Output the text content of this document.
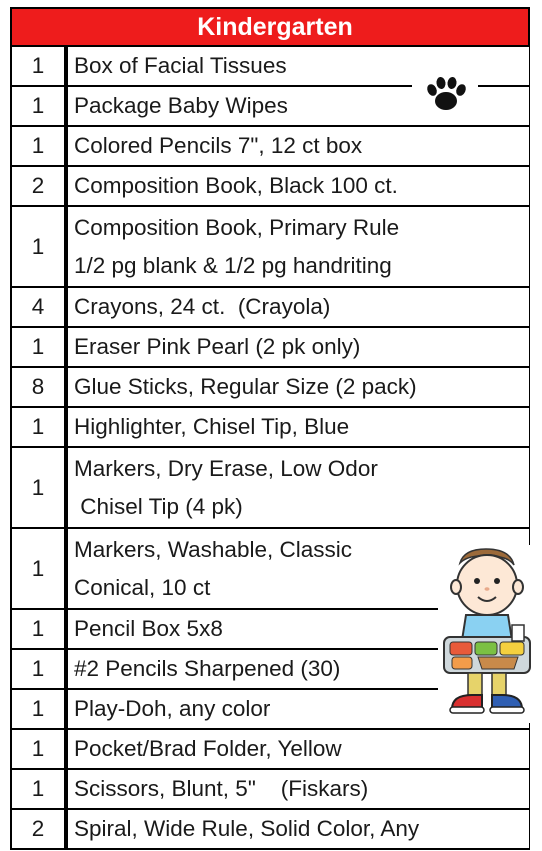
Kindergarten
1	Box of Facial Tissues

1	Package Baby Wipes

1	Colored Pencils 7", 12 ct box

2	Composition Book, Black 100 ct.

1	Composition Book, Primary Rule
1/2 pg blank & 1/2 pg handriting

4	Crayons, 24 ct.  (Crayola)

1	Eraser Pink Pearl (2 pk only)

8	Glue Sticks, Regular Size (2 pack)

1	Highlighter, Chisel Tip, Blue

1	Markers, Dry Erase, Low Odor
Chisel Tip (4 pk)

1	Markers, Washable, Classic
Conical, 10 ct

1	Pencil Box 5x8

1	#2 Pencils Sharpened (30)

1	Play-Doh, any color

1	Pocket/Brad Folder, Yellow

1	Scissors, Blunt, 5"    (Fiskars)

2	Spiral, Wide Rule, Solid Color, Any
